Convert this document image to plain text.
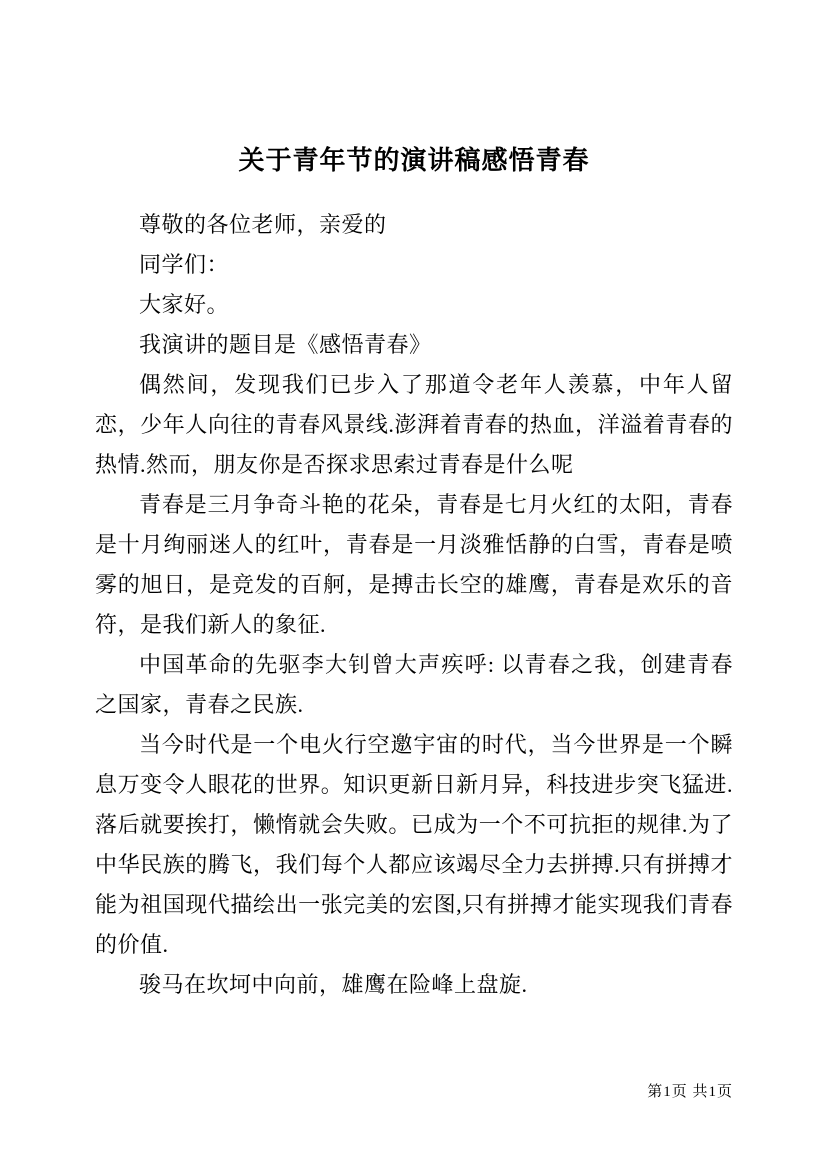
关于青年节的演讲稿感悟青春

尊敬的各位老师，亲爱的

同学们：

大家好。

我演讲的题目是《感悟青春》

偶然间，发现我们已步入了那道令老年人羡慕，中年人留恋，少年人向往的青春风景线.澎湃着青春的热血，洋溢着青春的热情.然而，朋友你是否探求思索过青春是什么呢

青春是三月争奇斗艳的花朵，青春是七月火红的太阳，青春是十月绚丽迷人的红叶，青春是一月淡雅恬静的白雪，青春是喷雾的旭日，是竞发的百舸，是搏击长空的雄鹰，青春是欢乐的音符，是我们新人的象征.

中国革命的先驱李大钊曾大声疾呼: 以青春之我，创建青春之国家，青春之民族.

当今时代是一个电火行空邀宇宙的时代，当今世界是一个瞬息万变令人眼花的世界。知识更新日新月异，科技进步突飞猛进.落后就要挨打，懒惰就会失败。已成为一个不可抗拒的规律.为了中华民族的腾飞，我们每个人都应该竭尽全力去拼搏.只有拼搏才能为祖国现代描绘出一张完美的宏图,只有拼搏才能实现我们青春的价值.

骏马在坎坷中向前，雄鹰在险峰上盘旋.

第1页 共1页
